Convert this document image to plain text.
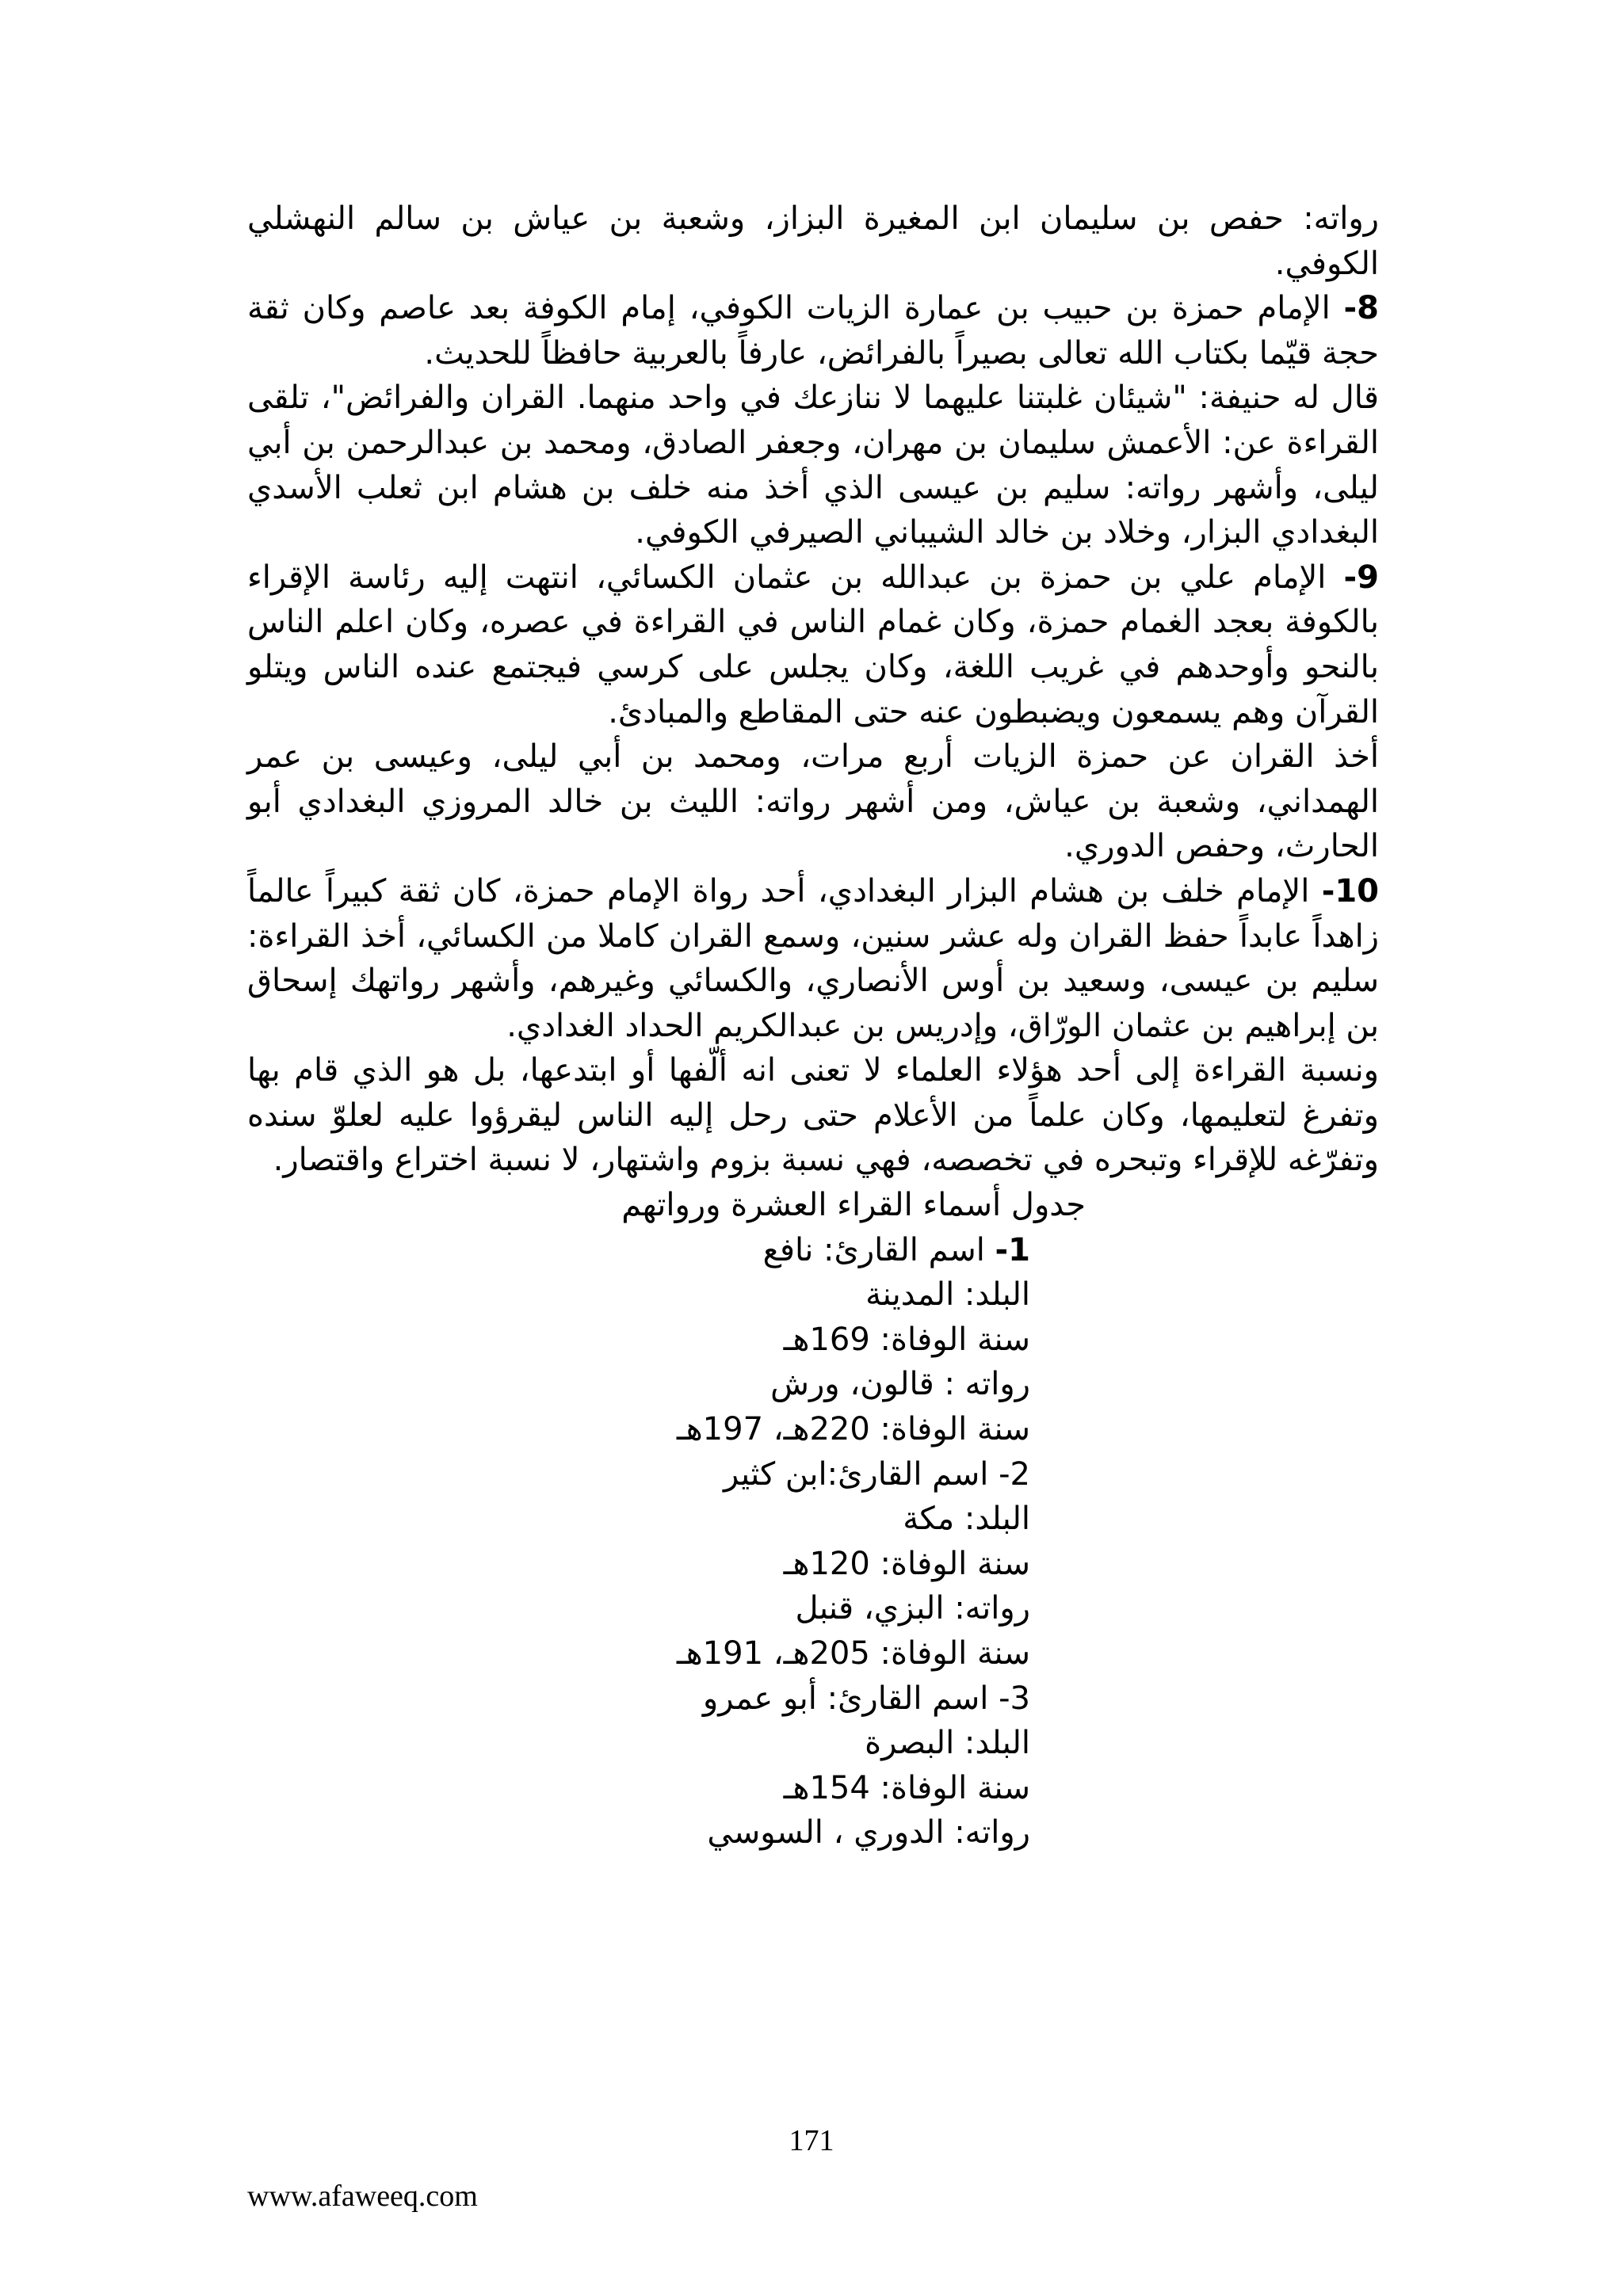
رواته: حفص بن سليمان ابن المغيرة البزاز، وشعبة بن عياش بن سالم النهشلي الكوفي.

8- الإمام حمزة بن حبيب بن عمارة الزيات الكوفي، إمام الكوفة بعد عاصم وكان ثقة حجة قيّما بكتاب الله تعالى بصيراً بالفرائض، عارفاً بالعربية حافظاً للحديث.

قال له حنيفة: "شيئان غلبتنا عليهما لا ننازعك في واحد منهما. القران والفرائض"، تلقى القراءة عن: الأعمش سليمان بن مهران، وجعفر الصادق، ومحمد بن عبدالرحمن بن أبي ليلى، وأشهر رواته: سليم بن عيسى الذي أخذ منه خلف بن هشام ابن ثعلب الأسدي البغدادي البزار، وخلاد بن خالد الشيباني الصيرفي الكوفي.

9- الإمام علي بن حمزة بن عبدالله بن عثمان الكسائي، انتهت إليه رئاسة الإقراء بالكوفة بعجد الغمام حمزة، وكان غمام الناس في القراءة في عصره، وكان اعلم الناس بالنحو وأوحدهم في غريب اللغة، وكان يجلس على كرسي فيجتمع عنده الناس ويتلو القرآن وهم يسمعون ويضبطون عنه حتى المقاطع والمبادئ.

أخذ القران عن حمزة الزيات أربع مرات، ومحمد بن أبي ليلى، وعيسى بن عمر الهمداني، وشعبة بن عياش، ومن أشهر رواته: الليث بن خالد المروزي البغدادي أبو الحارث، وحفص الدوري.

10- الإمام خلف بن هشام البزار البغدادي، أحد رواة الإمام حمزة، كان ثقة كبيراً عالماً زاهداً عابداً حفظ القران وله عشر سنين، وسمع القران كاملا من الكسائي، أخذ القراءة: سليم بن عيسى، وسعيد بن أوس الأنصاري، والكسائي وغيرهم، وأشهر رواتهك إسحاق بن إبراهيم بن عثمان الورّاق، وإدريس بن عبدالكريم الحداد الغدادي.

ونسبة القراءة إلى أحد هؤلاء العلماء لا تعنى انه ألّفها أو ابتدعها، بل هو الذي قام بها وتفرغ لتعليمها، وكان علماً من الأعلام حتى رحل إليه الناس ليقرؤوا عليه لعلوّ سنده وتفرّغه للإقراء وتبحره في تخصصه، فهي نسبة بزوم واشتهار، لا نسبة اختراع واقتصار.

جدول أسماء القراء العشرة ورواتهم
1- اسم القارئ: نافع
البلد: المدينة
سنة الوفاة: 169هـ
رواته : قالون، ورش
سنة الوفاة: 220هـ، 197هـ
2- اسم القارئ:ابن كثير
البلد: مكة
سنة الوفاة: 120هـ
رواته: البزي، قنبل
سنة الوفاة: 205هـ، 191هـ
3- اسم القارئ: أبو عمرو
البلد: البصرة
سنة الوفاة: 154هـ
رواته: الدوري ، السوسي
171
www.afaweeq.com
